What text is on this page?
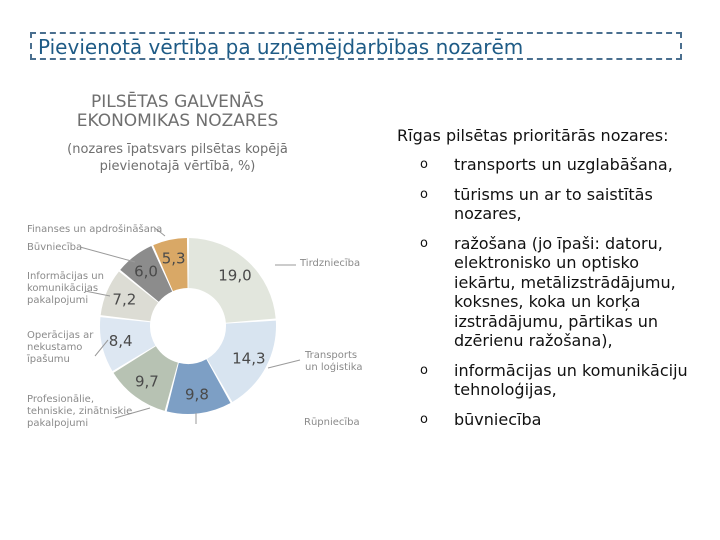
Pievienotā vērtība pa uzņēmējdarbības nozarēm
PILSĒTAS GALVENĀS EKONOMIKAS NOZARES
(nozares īpatsvars pilsētas kopējā pievienotajā vērtībā, %)
19,0
14,3
9,8
9,7
8,4
7,2
6,0
5,3	Tirdzniecība
Transports
un loģistika
Rūpniecība
Profesionālie,
tehniskie, zinātniskie
pakalpojumi
Operācijas ar
nekustamo
īpašumu
Informācijas un
komunikācijas
pakalpojumi
Būvniecība
Finanses un apdrošināšana
Rīgas pilsētas prioritārās nozares:
o transports un uzglabāšana,
o tūrisms un ar to saistītās nozares,
o ražošana (jo īpaši: datoru, elektronisko un optisko iekārtu, metālizstrādājumu, koksnes, koka un korķa izstrādājumu, pārtikas un dzērienu ražošana),
o informācijas un komunikāciju tehnoloģijas,
o būvniecība
